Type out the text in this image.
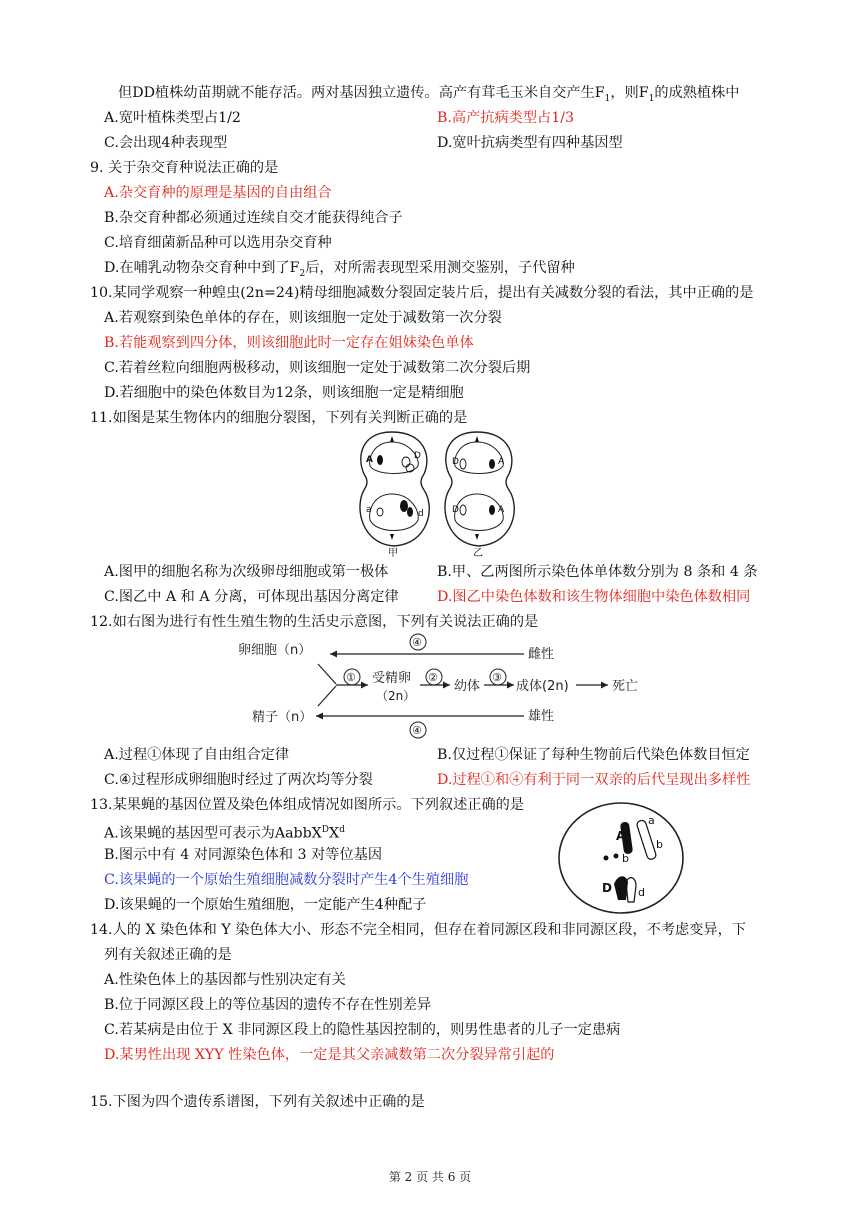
但DD植株幼苗期就不能存活。两对基因独立遗传。高产有茸毛玉米自交产生$F_1$，则$F_1$的成熟植株中
A.宽叶植株类型占1/2	B.高产抗病类型占1/3
C.会出现4种表现型	D.宽叶抗病类型有四种基因型
9. 关于杂交育种说法正确的是
A.杂交育种的原理是基因的自由组合
B.杂交育种都必须通过连续自交才能获得纯合子
C.培育细菌新品种可以选用杂交育种
D.在哺乳动物杂交育种中到了$F_2$后，对所需表现型采用测交鉴别，子代留种
10.某同学观察一种蝗虫(2n=24)精母细胞减数分裂固定装片后，提出有关减数分裂的看法，其中正确的是
A.若观察到染色单体的存在，则该细胞一定处于减数第一次分裂
B.若能观察到四分体，则该细胞此时一定存在姐妹染色单体
C.若着丝粒向细胞两极移动，则该细胞一定处于减数第二次分裂后期
D.若细胞中的染色体数目为12条，则该细胞一定是精细胞
11.如图是某生物体内的细胞分裂图，下列有关判断正确的是
A	D
a	d
D	A
D	A
甲	乙
A.图甲的细胞名称为次级卵母细胞或第一极体	B.甲、乙两图所示染色体单体数分别为 8 条和 4 条
C.图乙中 A 和 A 分离，可体现出基因分离定律	D.图乙中染色体数和该生物体细胞中染色体数相同
12.如右图为进行有性生殖生物的生活史示意图，下列有关说法正确的是
卵细胞（n）
精子（n）
④
④
雌性
雄性
① 受精卵
（2n）
②
幼体
③
成体(2n)	死亡
A.过程①体现了自由组合定律	B.仅过程①保证了每种生物前后代染色体数目恒定
C.④过程形成卵细胞时经过了两次均等分裂	D.过程①和④有利于同一双亲的后代呈现出多样性
13.某果蝇的基因位置及染色体组成情况如图所示。下列叙述正确的是
A.该果蝇的基因型可表示为$AabbX^DX^d$
B.图示中有 4 对同源染色体和 3 对等位基因
C.该果蝇的一个原始生殖细胞减数分裂时产生4个生殖细胞
D.该果蝇的一个原始生殖细胞，一定能产生4种配子
A
a
b
b
D d
14.人的 X 染色体和 Y 染色体大小、形态不完全相同，但存在着同源区段和非同源区段，不考虑变异，下
列有关叙述正确的是
A.性染色体上的基因都与性别决定有关
B.位于同源区段上的等位基因的遗传不存在性别差异
C.若某病是由位于 X 非同源区段上的隐性基因控制的，则男性患者的儿子一定患病
D.某男性出现 XYY 性染色体，一定是其父亲减数第二次分裂异常引起的
15.下图为四个遗传系谱图，下列有关叙述中正确的是
第 2 页 共 6 页
